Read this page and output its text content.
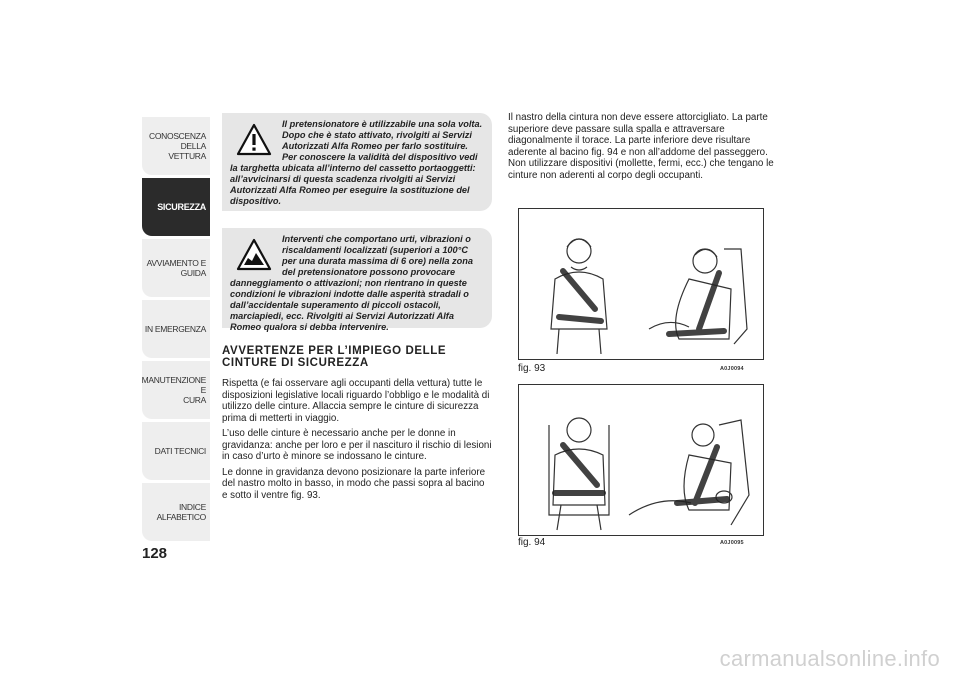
CONOSCENZA
DELLA VETTURA
SICUREZZA
AVVIAMENTO E
GUIDA
IN EMERGENZA
MANUTENZIONE E
CURA
DATI TECNICI
INDICE ALFABETICO
128

Il pretensionatore è utilizzabile una sola volta. Dopo che è stato attivato, rivolgiti ai Servizi Autorizzati Alfa Romeo per farlo sostituire. Per conoscere la validità del dispositivo vedi la targhetta ubicata all’interno del cassetto portaoggetti: all’avvicinarsi di questa scadenza rivolgiti ai Servizi Autorizzati Alfa Romeo per eseguire la sostituzione del dispositivo.

Interventi che comportano urti, vibrazioni o riscaldamenti localizzati (superiori a 100°C per una durata massima di 6 ore) nella zona del pretensionatore possono provocare danneggiamento o attivazioni; non rientrano in queste condizioni le vibrazioni indotte dalle asperità stradali o dall’accidentale superamento di piccoli ostacoli, marciapiedi, ecc. Rivolgiti ai Servizi Autorizzati Alfa Romeo qualora si debba intervenire.

AVVERTENZE PER L’IMPIEGO DELLE
CINTURE DI SICUREZZA

Rispetta (e fai osservare agli occupanti della vettura) tutte le disposizioni legislative locali riguardo l’obbligo e le modalità di utilizzo delle cinture. Allaccia sempre le cinture di sicurezza prima di metterti in viaggio.

L’uso delle cinture è necessario anche per le donne in gravidanza: anche per loro e per il nascituro il rischio di lesioni in caso d’urto è minore se indossano le cinture.

Le donne in gravidanza devono posizionare la parte inferiore del nastro molto in basso, in modo che passi sopra al bacino e sotto il ventre fig. 93.

Il nastro della cintura non deve essere attorcigliato. La parte superiore deve passare sulla spalla e attraversare diagonalmente il torace. La parte inferiore deve risultare aderente al bacino fig. 94 e non all’addome del passeggero. Non utilizzare dispositivi (mollette, fermi, ecc.) che tengano le cinture non aderenti al corpo degli occupanti.

fig. 93	A0J0094
fig. 94	A0J0095
carmanualsonline.info
